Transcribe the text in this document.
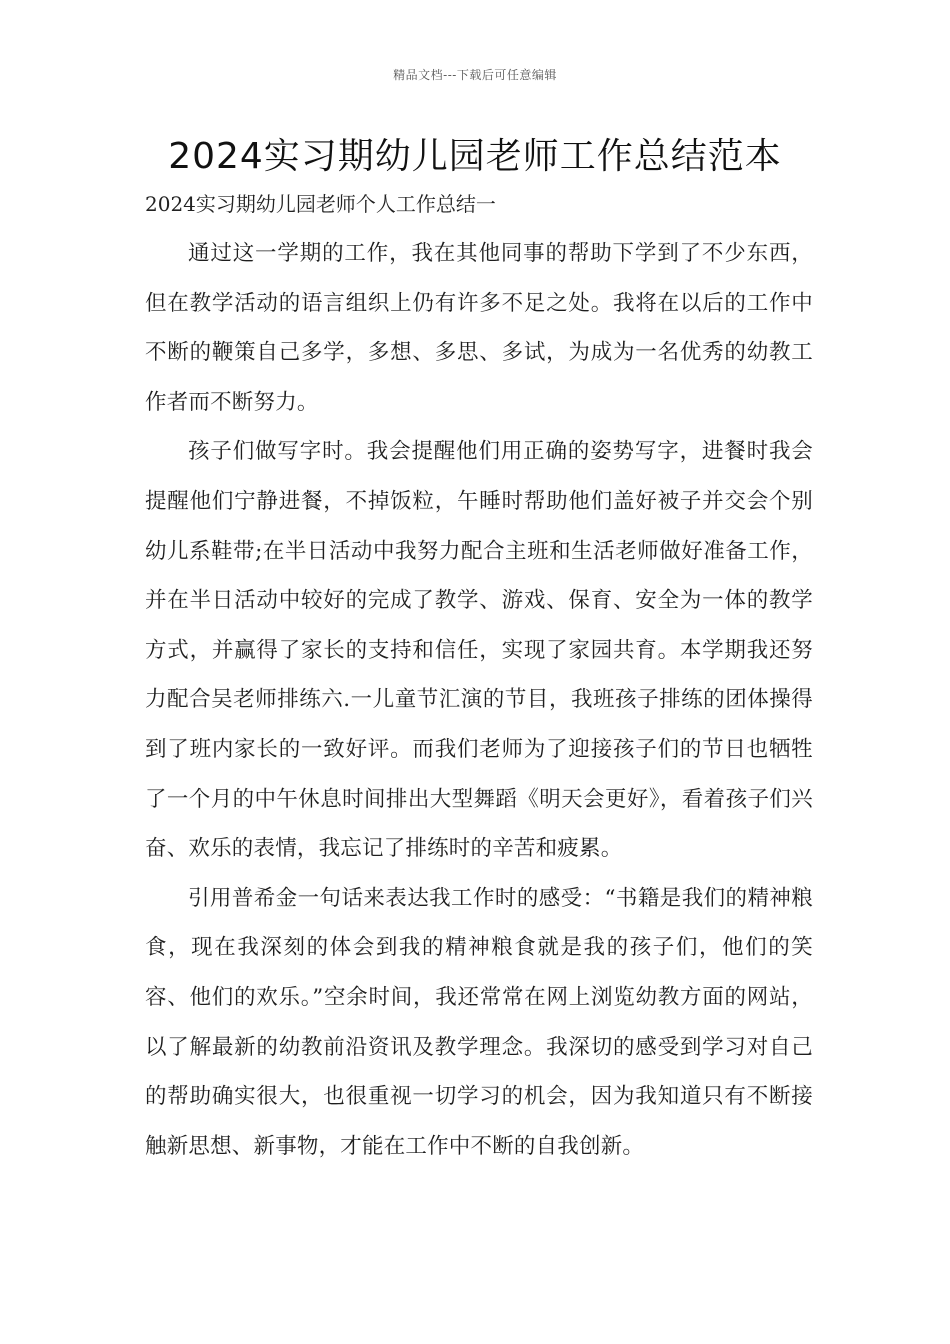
精品文档---下载后可任意编辑
2024实习期幼儿园老师工作总结范本
2024实习期幼儿园老师个人工作总结一

通过这一学期的工作，我在其他同事的帮助下学到了不少东西，但在教学活动的语言组织上仍有许多不足之处。我将在以后的工作中不断的鞭策自己多学，多想、多思、多试，为成为一名优秀的幼教工作者而不断努力。

孩子们做写字时。我会提醒他们用正确的姿势写字，进餐时我会提醒他们宁静进餐，不掉饭粒，午睡时帮助他们盖好被子并交会个别幼儿系鞋带;在半日活动中我努力配合主班和生活老师做好准备工作，并在半日活动中较好的完成了教学、游戏、保育、安全为一体的教学方式，并赢得了家长的支持和信任，实现了家园共育。本学期我还努力配合吴老师排练六.一儿童节汇演的节目，我班孩子排练的团体操得到了班内家长的一致好评。而我们老师为了迎接孩子们的节日也牺牲了一个月的中午休息时间排出大型舞蹈《明天会更好》，看着孩子们兴奋、欢乐的表情，我忘记了排练时的辛苦和疲累。

引用普希金一句话来表达我工作时的感受：“书籍是我们的精神粮食，现在我深刻的体会到我的精神粮食就是我的孩子们，他们的笑容、他们的欢乐。”空余时间，我还常常在网上浏览幼教方面的网站，以了解最新的幼教前沿资讯及教学理念。我深切的感受到学习对自己的帮助确实很大，也很重视一切学习的机会，因为我知道只有不断接触新思想、新事物，才能在工作中不断的自我创新。
